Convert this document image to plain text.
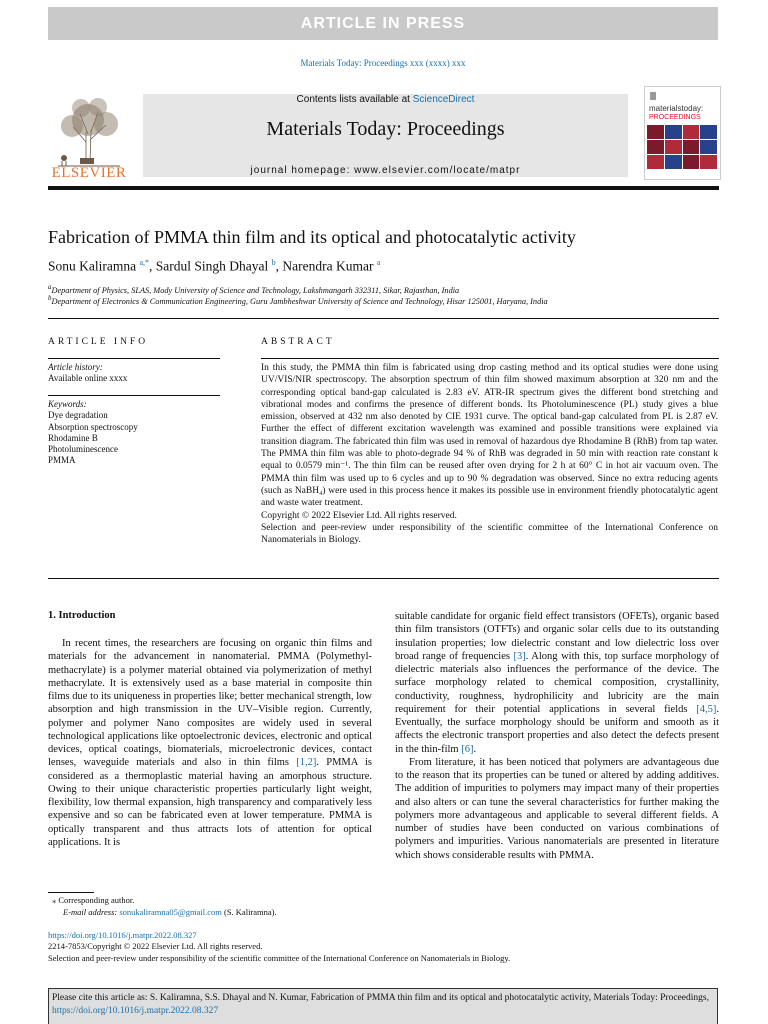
ARTICLE IN PRESS
Materials Today: Proceedings xxx (xxxx) xxx
ELSEVIER
Contents lists available at ScienceDirect
Materials Today: Proceedings
journal homepage: www.elsevier.com/locate/matpr
materialstoday:
PROCEEDINGS
Fabrication of PMMA thin film and its optical and photocatalytic activity
Sonu Kaliramna $^{a,*}$, Sardul Singh Dhayal $^b$, Narendra Kumar $^a$
$^a$Department of Physics, SLAS, Mody University of Science and Technology, Lakshmangarh 332311, Sikar, Rajasthan, India
$^b$Department of Electronics & Communication Engineering, Guru Jambheshwar University of Science and Technology, Hisar 125001, Haryana, India
ARTICLE INFO
Article history:
Available online xxxx
Keywords:
Dye degradation
Absorption spectroscopy
Rhodamine B
Photoluminescence
PMMA
ABSTRACT

In this study, the PMMA thin film is fabricated using drop casting method and its optical studies were done using UV/VIS/NIR spectroscopy. The absorption spectrum of thin film showed maximum absorption at 320 nm and the corresponding optical band-gap calculated is 2.83 eV. ATR-IR spectrum gives the different bond stretching and vibrational modes and confirms the presence of different bonds. Its Photoluminescence (PL) study gives a blue emission, observed at 432 nm also denoted by CIE 1931 curve. The optical band-gap calculated from PL is 2.87 eV. Further the effect of different excitation wavelength was examined and possible transitions were explained via transition diagram. The fabricated thin film was used in removal of hazardous dye Rhodamine B (RhB) from tap water. The PMMA thin film was able to photo-degrade 94 % of RhB was degraded in 50 min with reaction rate constant k equal to 0.0579 min⁻¹. The thin film can be reused after oven drying for 2 h at 60° C in hot air vacuum oven. The PMMA thin film was used up to 6 cycles and up to 90 % degradation was observed. Since no extra reducing agents (such as NaBH₄) were used in this process hence it makes its possible use in environment friendly photocatalytic agent and waste water treatment.

Copyright © 2022 Elsevier Ltd. All rights reserved.

Selection and peer-review under responsibility of the scientific committee of the International Conference on Nanomaterials in Biology.

1. Introduction

In recent times, the researchers are focusing on organic thin films and materials for the advancement in nanomaterial. PMMA (Polymethyl-methacrylate) is a polymer material obtained via polymerization of methyl methacrylate. It is extensively used as a base material in composite thin films due to its uniqueness in properties like; better mechanical strength, low absorption and high transmission in the UV–Visible region. Currently, polymer and polymer Nano composites are widely used in several technological applications like optoelectronic devices, electronic and optical devices, optical coatings, biomaterials, microelectronic devices, contact lenses, waveguide materials and also in thin films [1,2]. PMMA is considered as a thermoplastic material having an amorphous structure. Owing to their unique characteristic properties particularly light weight, flexibility, low thermal expansion, high transparency and comparatively less expensive and so can be fabricated even at lower temperature. PMMA is optically transparent and thus attracts lots of attention for optical applications. It is

suitable candidate for organic field effect transistors (OFETs), organic based thin film transistors (OTFTs) and organic solar cells due to its outstanding insulation properties; low dielectric constant and low dielectric loss over broad range of frequencies [3]. Along with this, top surface morphology of dielectric materials also influences the performance of the device. The surface morphology related to chemical composition, crystallinity, conductivity, roughness, hydrophilicity and lubricity are the main requirement for their potential applications in several fields [4,5]. Eventually, the surface morphology should be uniform and smooth as it affects the electronic transport properties and also detect the defects present in the thin-film [6].

From literature, it has been noticed that polymers are advantageous due to the reason that its properties can be tuned or altered by adding additives. The addition of impurities to polymers may impact many of their properties and also alters or can tune the several characteristics for further making the polymers more advantageous and applicable to several different fields. A number of studies have been conducted on various combinations of polymers and impurities. Various nanomaterials are presented in literature which shows considerable results with PMMA.

⁎ Corresponding author.
E-mail address: sonukaliramna05@gmail.com (S. Kaliramna).
https://doi.org/10.1016/j.matpr.2022.08.327
2214-7853/Copyright © 2022 Elsevier Ltd. All rights reserved.
Selection and peer-review under responsibility of the scientific committee of the International Conference on Nanomaterials in Biology.
Please cite this article as: S. Kaliramna, S.S. Dhayal and N. Kumar, Fabrication of PMMA thin film and its optical and photocatalytic activity, Materials Today: Proceedings, https://doi.org/10.1016/j.matpr.2022.08.327
